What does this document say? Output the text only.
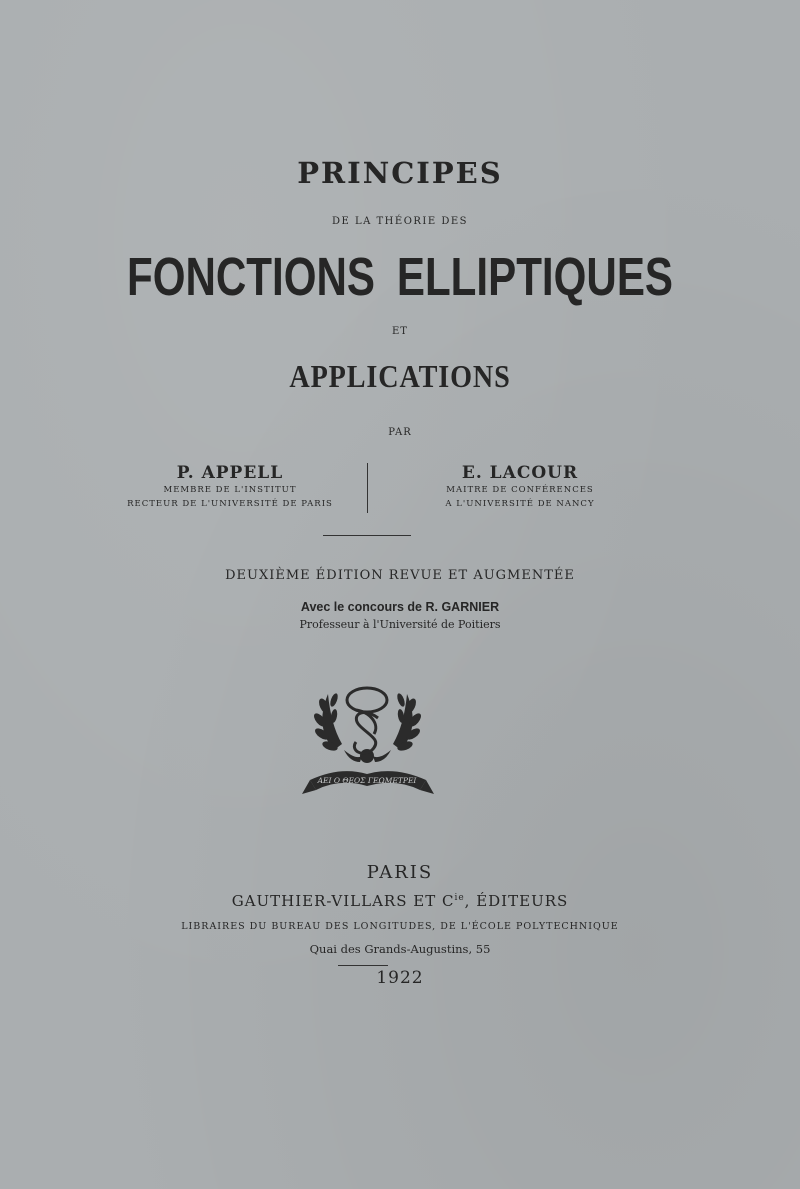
PRINCIPES
DE LA THÉORIE DES
FONCTIONS ELLIPTIQUES
ET
APPLICATIONS
PAR
P. APPELL
MEMBRE DE L'INSTITUT
RECTEUR DE L'UNIVERSITÉ DE PARIS
E. LACOUR
MAITRE DE CONFÉRENCES
A L'UNIVERSITÉ DE NANCY
DEUXIÈME ÉDITION REVUE ET AUGMENTÉE
Avec le concours de R. GARNIER
Professeur à l'Université de Poitiers
ΑΕΙ Ο ΘΕΟΣ ΓΕΩΜΕΤΡΕΙ
PARIS
GAUTHIER-VILLARS ET $C^{ie}$, ÉDITEURS
LIBRAIRES DU BUREAU DES LONGITUDES, DE L'ÉCOLE POLYTECHNIQUE
Quai des Grands-Augustins, 55
1922
